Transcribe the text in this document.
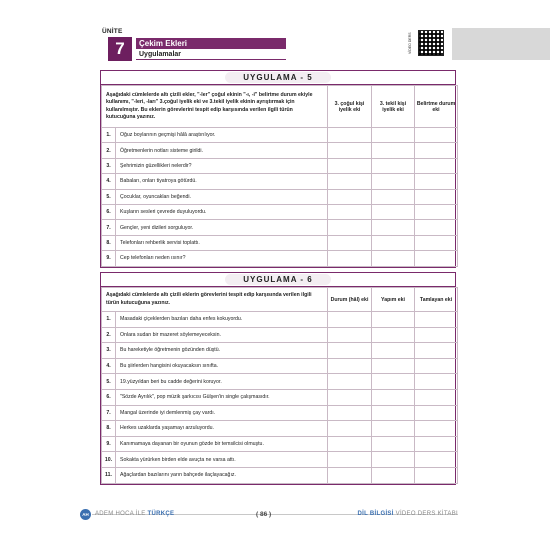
ÜNİTE
7	Çekim Ekleri
Uygulamalar
VİDEO DERS
UYGULAMA - 5
Aşağıdaki cümlelerde altı çizili ekler, "-ler" çoğul ekinin "-ı, -i" belirtme durum ekiyle kullanımı, "-leri, -ları" 3.çoğul iyelik eki ve 3.tekil iyelik ekinin ayrıştırmak için kullanılmıştır. Bu eklerin görevlerini tespit edip karşısında verilen ilgili türün kutucuğuna yazınız.		3. çoğul kişi iyelik eki	3. tekil kişi iyelik eki	Belirtme durum eki
1.	Oğuz boylarının geçmişi hâlâ araştırılıyor.			
2.	Öğretmenlerin notları sisteme girildi.			
3.	Şehrimizin güzellikleri nelerdir?			
4.	Babaları, onları tiyatroya götürdü.			
5.	Çocuklar, oyuncakları beğendi.			
6.	Kuşların sesleri çevrede duyuluyordu.			
7.	Gençler, yeni dizileri sorguluyor.			
8.	Telefonları rehberlik servisi toplattı.			
9.	Cep telefonları neden ısınır?			
UYGULAMA - 6
Aşağıdaki cümlelerde altı çizili eklerin görevlerini tespit edip karşısında verilen ilgili türün kutucuğuna yazınız.		Durum (hâl) eki	Yapım eki	Tamlayan eki
1.	Masadaki çiçeklerden bazıları daha enfes kokuyordu.			
2.	Onlara sudan bir mazeret söylemeyeceksin.			
3.	Bu hareketiyle öğretmenin gözünden düştü.			
4.	Bu şiirlerden hangisini okuyacaksın sınıfta.			
5.	19.yüzyıldan beri bu cadde değerini koruyor.			
6.	"Sözde Ayrılık", pop müzik şarkıcısı Gülşen'in single çalışmasıdır.			
7.	Mangal üzerinde iyi demlenmiş çay vardı.			
8.	Herkes uzaklarda yaşamayı arzuluyordu.			
9.	Kanımamaya dayanan bir oyunun gözde bir temsilcisi olmuştu.			
10.	Sokakta yürürken birden elde avuçta ne varsa attı.			
11.	Ağaçlardan bazılarını yarın bahçede ilaçlayacağız.			
AH	ADEM HOCA İLE TÜRKÇE	( 86 )	DİL BİLGİSİ VİDEO DERS KİTABI
